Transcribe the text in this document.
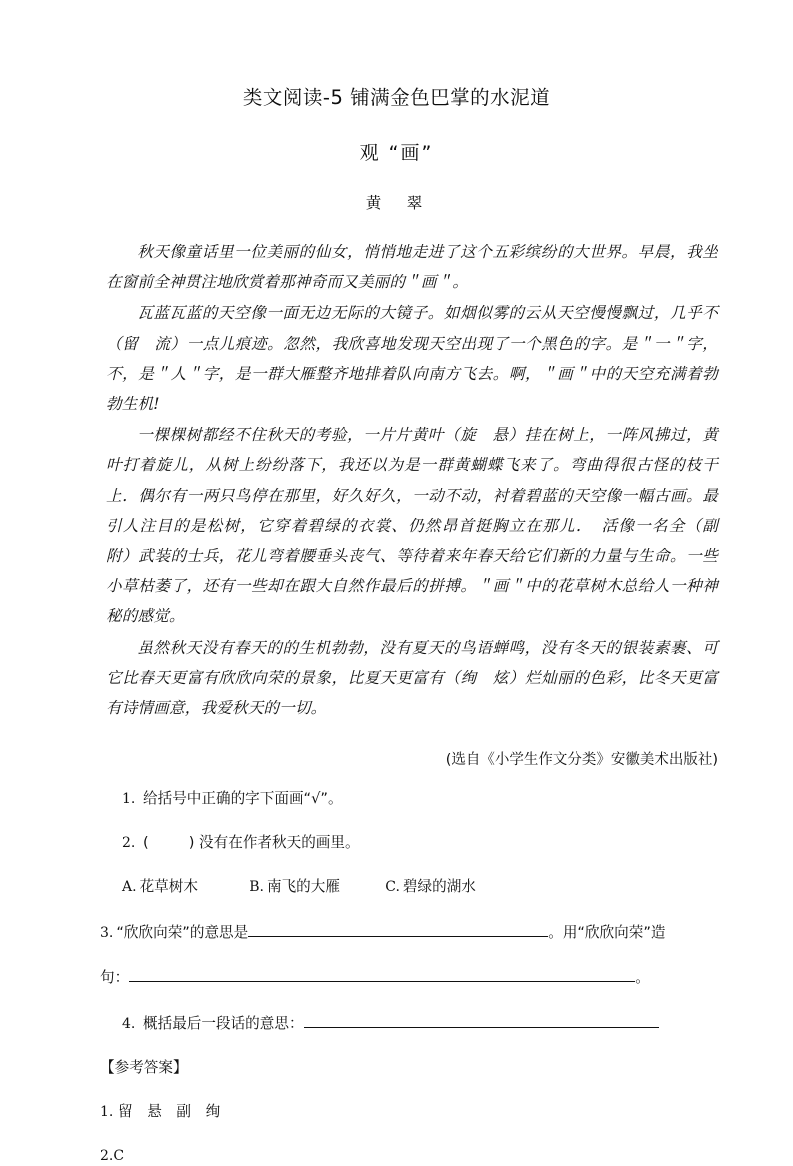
类文阅读-5 铺满金色巴掌的水泥道
观 “画”
黄　翠

秋天像童话里一位美丽的仙女，悄悄地走进了这个五彩缤纷的大世界。早晨，我坐在窗前全神贯注地欣赏着那神奇而又美丽的＂画＂。

瓦蓝瓦蓝的天空像一面无边无际的大镜子。如烟似雾的云从天空慢慢飘过，几乎不（留　流）一点儿痕迹。忽然，我欣喜地发现天空出现了一个黑色的字。是＂一＂字，不，是＂人＂字，是一群大雁整齐地排着队向南方飞去。啊，＂画＂中的天空充满着勃勃生机!

一棵棵树都经不住秋天的考验，一片片黄叶（旋　悬）挂在树上，一阵风拂过，黄叶打着旋儿，从树上纷纷落下，我还以为是一群黄蝴蝶飞来了。弯曲得很古怪的枝干上．偶尔有一两只鸟停在那里，好久好久，一动不动，衬着碧蓝的天空像一幅古画。最引人注目的是松树，它穿着碧绿的衣裳、仍然昂首挺胸立在那儿．　活像一名全（副　附）武装的士兵，花儿弯着腰垂头丧气、等待着来年春天给它们新的力量与生命。一些小草枯萎了，还有一些却在跟大自然作最后的拼搏。＂画＂中的花草树木总给人一种神秘的感觉。

虽然秋天没有春天的的生机勃勃，没有夏天的鸟语蝉鸣，没有冬天的银装素裹、可它比春天更富有欣欣向荣的景象，比夏天更富有（绚　炫）烂灿丽的色彩，比冬天更富有诗情画意，我爱秋天的一切。

(选自《小学生作文分类》安徽美术出版社)
1. 给括号中正确的字下面画“√”。
2. (	) 没有在作者秋天的画里。
A. 花草树木	B. 南飞的大雁	C. 碧绿的湖水
3. “欣欣向荣”的意思是	。用“欣欣向荣”造
句：	。
4. 概括最后一段话的意思：
【参考答案】
1. 留　悬　副　绚
2.C
